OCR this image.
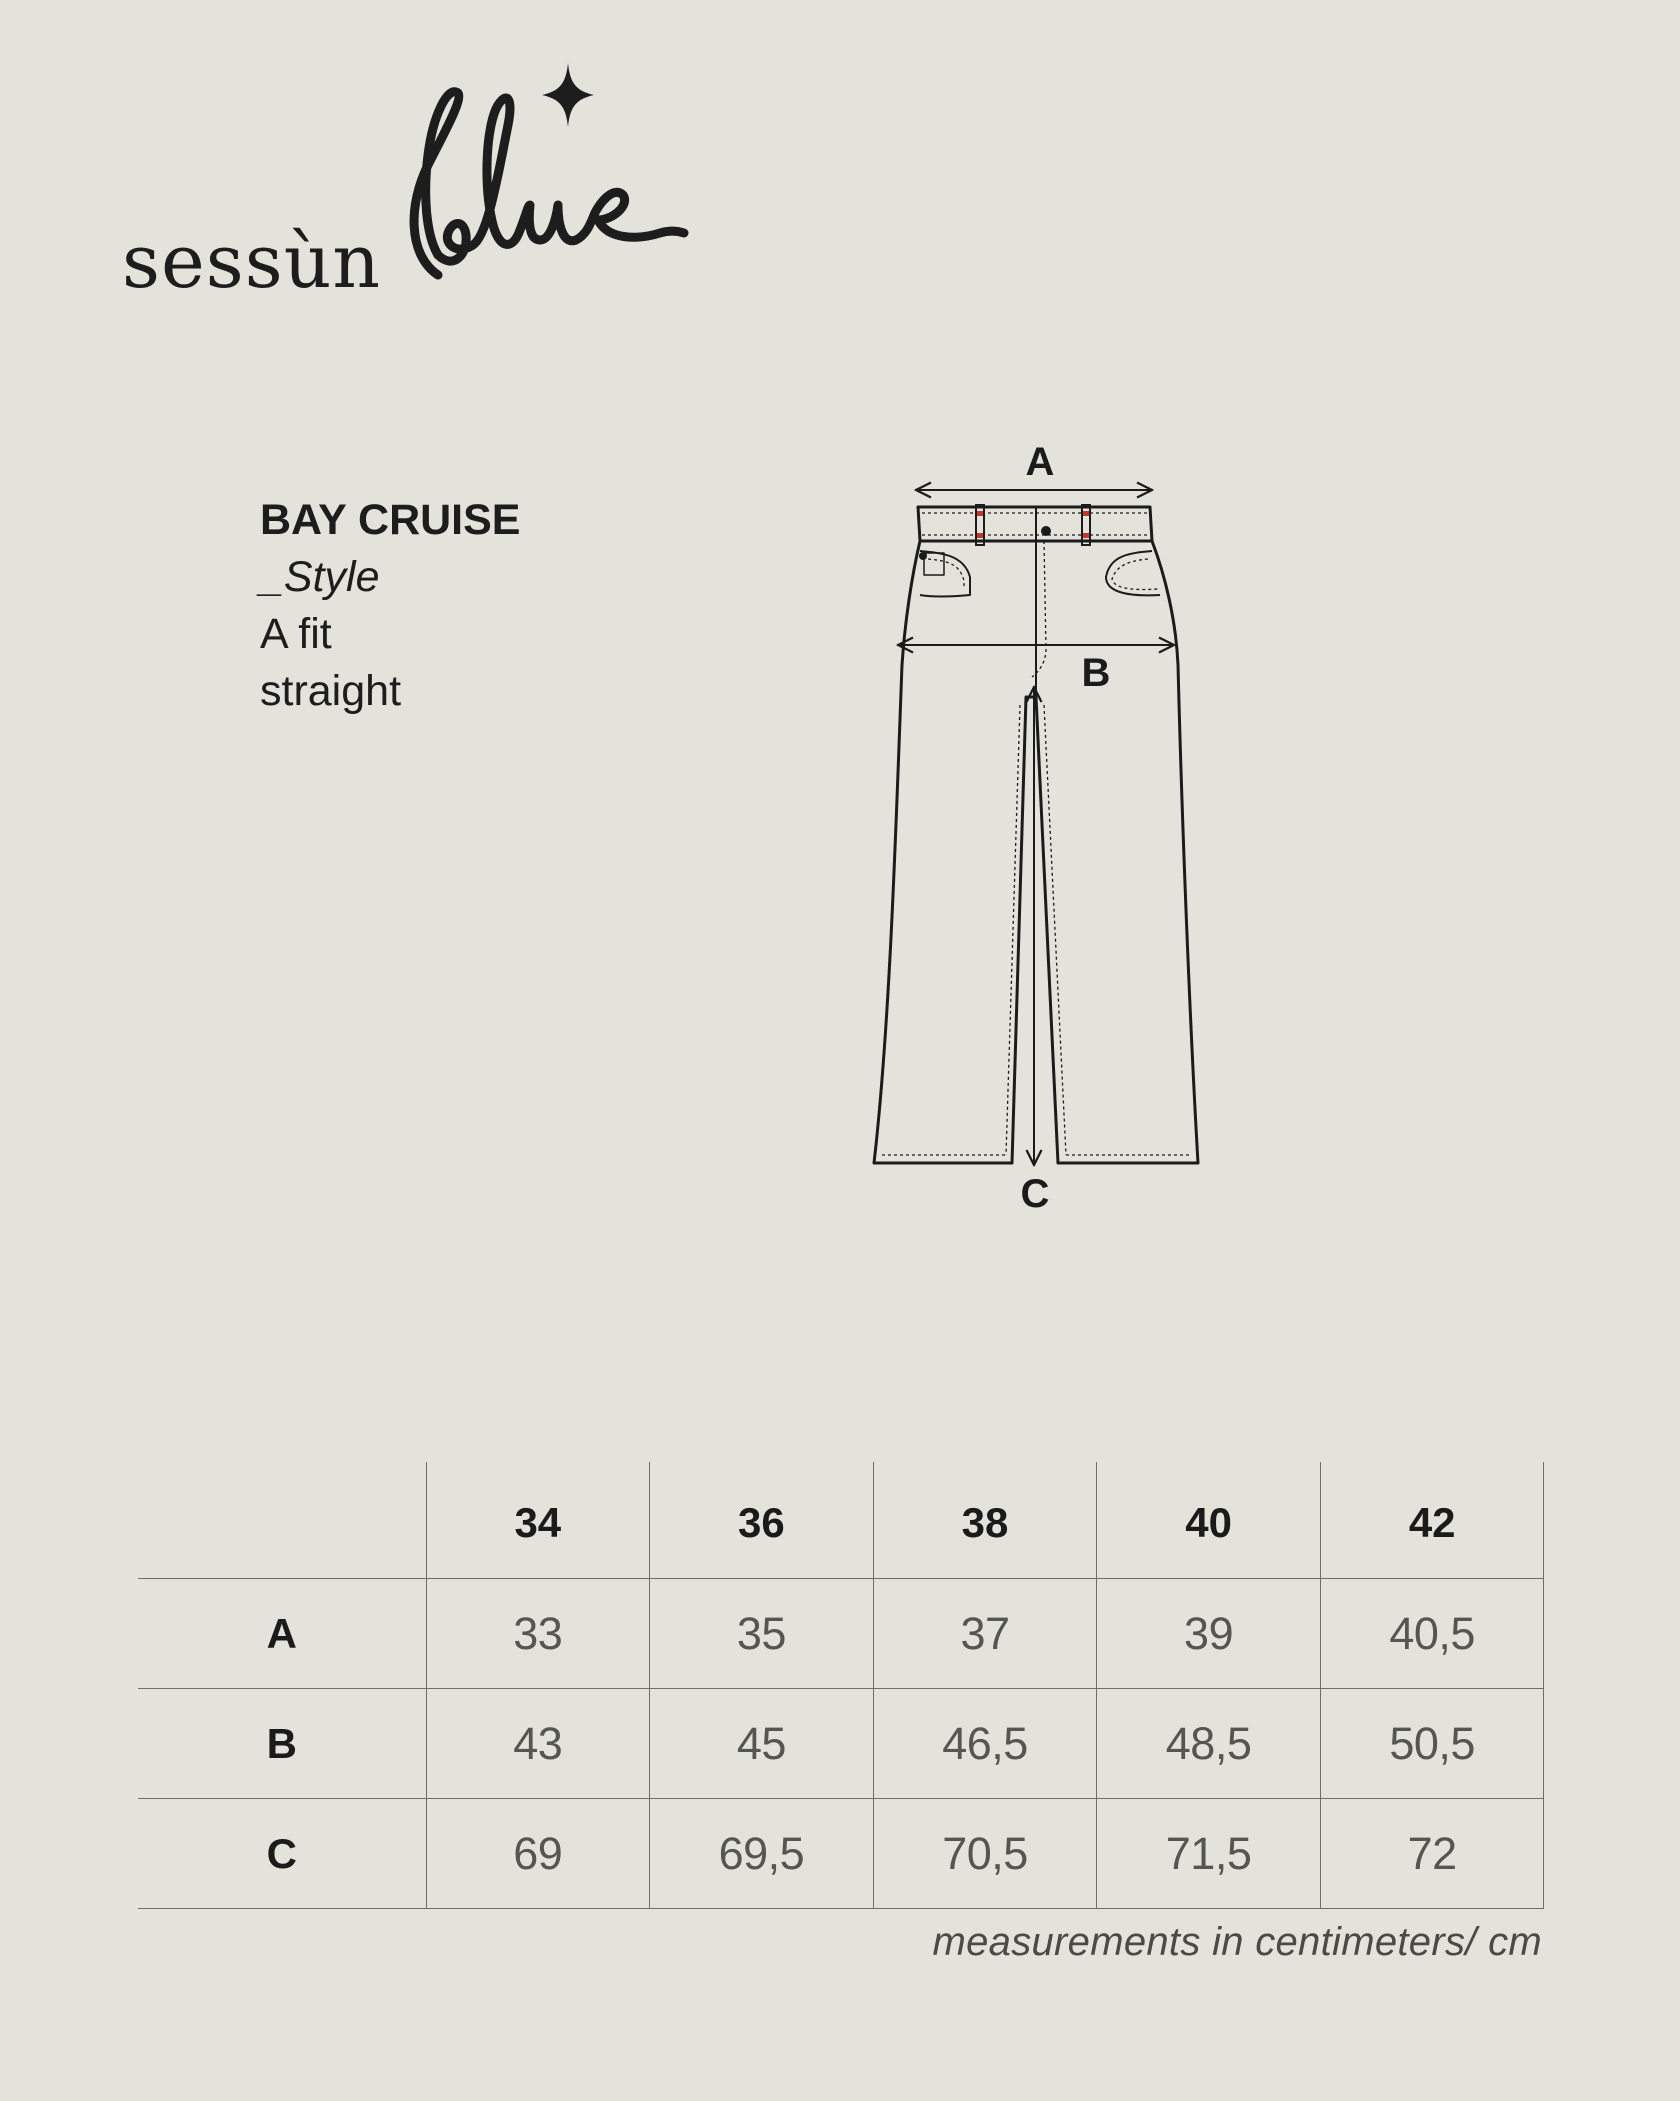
sessùn
BAY CRUISE
_Style
A fit
straight
A
B
C
	34	36	38	40	42
A	33	35	37	39	40,5
B	43	45	46,5	48,5	50,5
C	69	69,5	70,5	71,5	72
measurements in centimeters/ cm
